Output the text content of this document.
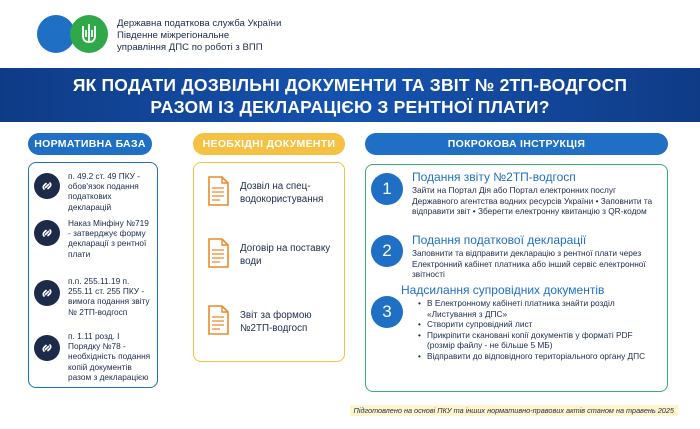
Державна податкова служба України
Південне міжрегіональне
управління ДПС по роботі з ВПП
ЯК ПОДАТИ ДОЗВІЛЬНІ ДОКУМЕНТИ ТА ЗВІТ № 2ТП-ВОДГОСП
РАЗОМ ІЗ ДЕКЛАРАЦІЄЮ З РЕНТНОЇ ПЛАТИ?
НОРМАТИВНА БАЗА	НЕОБХІДНІ ДОКУМЕНТИ	ПОКРОКОВА ІНСТРУКЦІЯ
п. 49.2 ст. 49 ПКУ - обов'язок подання податкових декларацій
Наказ Мінфіну №719 - затверджує форму декларації з рентної плати
п.п. 255.11.19 п. 255.11 ст. 255 ПКУ - вимога подання звіту № 2ТП-водгосп
п. 1.11 розд. І Порядку №78 - необхідність подання копій документів разом з декларацією
Дозвіл на спец-водокористування
Договір на поставку води
Звіт за формою №2ТП-водгосп
1
Подання звіту №2ТП-водгосп
Зайти на Портал Дія або Портал електронних послуг Державного агентства водних ресурсів України • Заповнити та відправити звіт • Зберегти електронну квитанцію з QR-кодом
2
Подання податкової декларації
Заповнити та відправити декларацію з рентної плати через Електронний кабінет платника або інший сервіс електронної звітності
3
Надсилання супровідних документів
• В Електронному кабінеті платника знайти розділ «Листування з ДПС»
• Створити супровідний лист
• Прикріпити скановані копії документів у форматі PDF (розмір файлу - не більше 5 МБ)
• Відправити до відповідного територіального органу ДПС
Підготовлено на основі ПКУ та інших нормативно-правових актів станом на травень 2025
